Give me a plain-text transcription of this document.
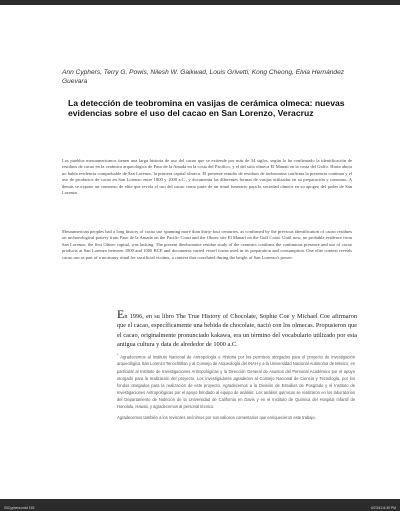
Ann Cyphers, Terry G. Powis, Nilesh W. Gaikwad, Louis Grivetti, Kong Cheong, Elvia Hernández Guevara
La detección de teobromina en vasijas de cerámica olmeca: nuevas evidencias sobre el uso del cacao en San Lorenzo, Veracruz
Los pueblos mesoamericanos tienen una larga historia de uso del cacao que se extiende por más de 34 siglos, según lo ha confirmado la identificación de residuos de cacao en la cerámica arqueológica de Paso de la Amada en la costa del Pacífico, y el del sitio olmeca El Manatí en la costa del Golfo. Hasta ahora no había evidencia comprobable de San Lorenzo, la primera capital olmeca. El presente estudio de residuos de teobromina confirma la presencia continua y el uso de productos de cacao en San Lorenzo entre 1800 y 1000 a.C., y documenta las diferentes formas de vasijas utilizadas en su preparación y consumo. A demás se expone un consenso de elite que revela el uso del cacao como parte de un ritual funerario para la sociedad olmeca en su apogeo del poder de San Lorenzo.
Mesoamerican peoples had a long history of cacao use spanning more than thirty-four centuries, as confirmed by the previous identification of cacao residues on archaeological pottery from Paso de la Amada on the Pacific Coast and the Olmec site El Manatí on the Gulf Coast. Until now, no probable evidence from San Lorenzo, the first Olmec capital, was lacking. The present theobromine residue study of the ceramics confirms the continuous presence and use of cacao products at San Lorenzo between 1800 and 1000 BCE and documents varied vessel forms used in its preparation and consumption. One elite context reveals cacao use as part of a mortuary ritual for sacrificial victims, a context that correlated during the height of San Lorenzo's power.
En 1996, en su libro The True History of Chocolate, Sophie Coe y Michael Coe afirmaron que el cacao, específicamente una bebida de chocolate, nació con los olmecas. Propusieron que el cacao, originalmente pronunciado kakawa, era un término del vocabulario utilizado por esta antigua cultura y data de alrededor de 1000 a.C.

* Agradecemos al Instituto Nacional de Antropología e Historia por los permisos otorgados para el proyecto de investigación arqueológica San Lorenzo Tenochtitlan y al Consejo de Arqueología del INAH y a la Universidad Nacional Autónoma de México, en particular al Instituto de Investigaciones Antropológicas y la Dirección General de Asuntos del Personal Académico por el apoyo otorgado para la realización del proyecto. Los investigadores agradecen al Consejo Nacional de Ciencia y Tecnología, por los fondos otorgados para la realización de este proyecto. Agradecemos a la División de Estudios de Posgrado y el Instituto de Investigaciones Antropológicas por el apoyo brindado al equipo de análisis. Los análisis químicos se realizaron en los laboratorios del Departamento de Nutrición de la Universidad de California en Davis y en el Instituto de Química del Hospital Infantil de Honolulu, Hawaii, y agradecemos al personal técnico.

Agradecemos también a los revisores anónimos por sus valiosos comentarios que enriquecieron este trabajo.

03Cyphers.indd 153	6/23/13 6:30 PM
